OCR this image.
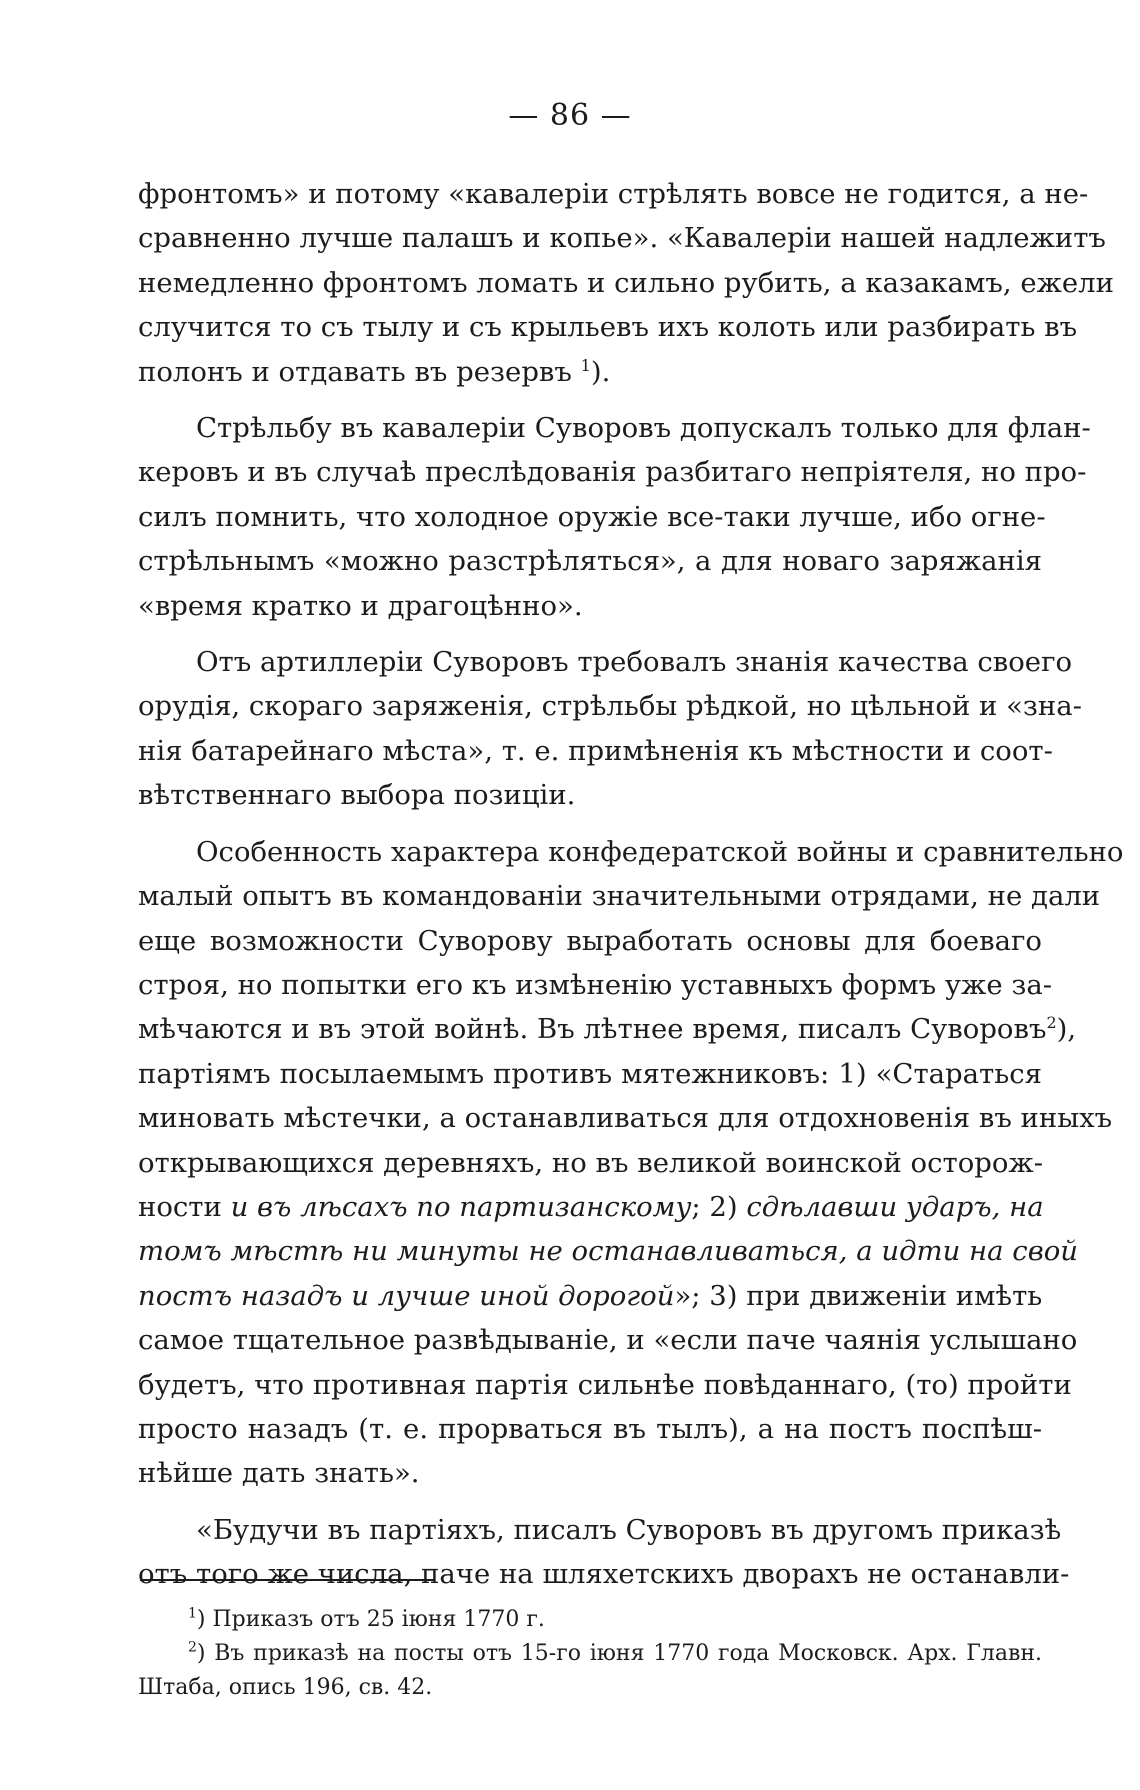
— 86 —
фронтомъ» и потому «кавалеріи стрѣлять вовсе не годится, а не-
сравненно лучше палашъ и копье». «Кавалеріи нашей надлежитъ
немедленно фронтомъ ломать и сильно рубить, а казакамъ, ежели
случится то съ тылу и съ крыльевъ ихъ колоть или разбирать въ
полонъ и отдавать въ резервъ $^1$).
Стрѣльбу въ кавалеріи Суворовъ допускалъ только для флан-
керовъ и въ случаѣ преслѣдованія разбитаго непріятеля, но про-
силъ помнить, что холодное оружіе все-таки лучше, ибо огне-
стрѣльнымъ «можно разстрѣляться», а для новаго заряжанія
«время кратко и драгоцѣнно».
Отъ артиллеріи Суворовъ требовалъ знанія качества своего
орудія, скораго заряженія, стрѣльбы рѣдкой, но цѣльной и «зна-
нія батарейнаго мѣста», т. е. примѣненія къ мѣстности и соот-
вѣтственнаго выбора позиціи.
Особенность характера конфедератской войны и сравнительно
малый опытъ въ командованіи значительными отрядами, не дали
еще возможности Суворову выработать основы для боеваго
строя, но попытки его къ измѣненію уставныхъ формъ уже за-
мѣчаются и въ этой войнѣ. Въ лѣтнее время, писалъ Суворовъ$^2$),
партіямъ посылаемымъ противъ мятежниковъ: 1) «Стараться
миновать мѣстечки, а останавливаться для отдохновенія въ иныхъ
открывающихся деревняхъ, но въ великой воинской осторож-
ности и въ лѣсахъ по партизанскому; 2) сдѣлавши ударъ, на
томъ мѣстѣ ни минуты не останавливаться, а идти на свой
постъ назадъ и лучше иной дорогой»; 3) при движеніи имѣть
самое тщательное развѣдываніе, и «если паче чаянія услышано
будетъ, что противная партія сильнѣе повѣданнаго, (то) пройти
просто назадъ (т. е. прорваться въ тылъ), а на постъ поспѣш-
нѣйше дать знать».
«Будучи въ партіяхъ, писалъ Суворовъ въ другомъ приказѣ
отъ того же числа, паче на шляхетскихъ дворахъ не останавли-
$^1$) Приказъ отъ 25 іюня 1770 г.
$^2$) Въ приказѣ на посты отъ 15-го іюня 1770 года Московск. Арх. Главн.
Штаба, опись 196, св. 42.
